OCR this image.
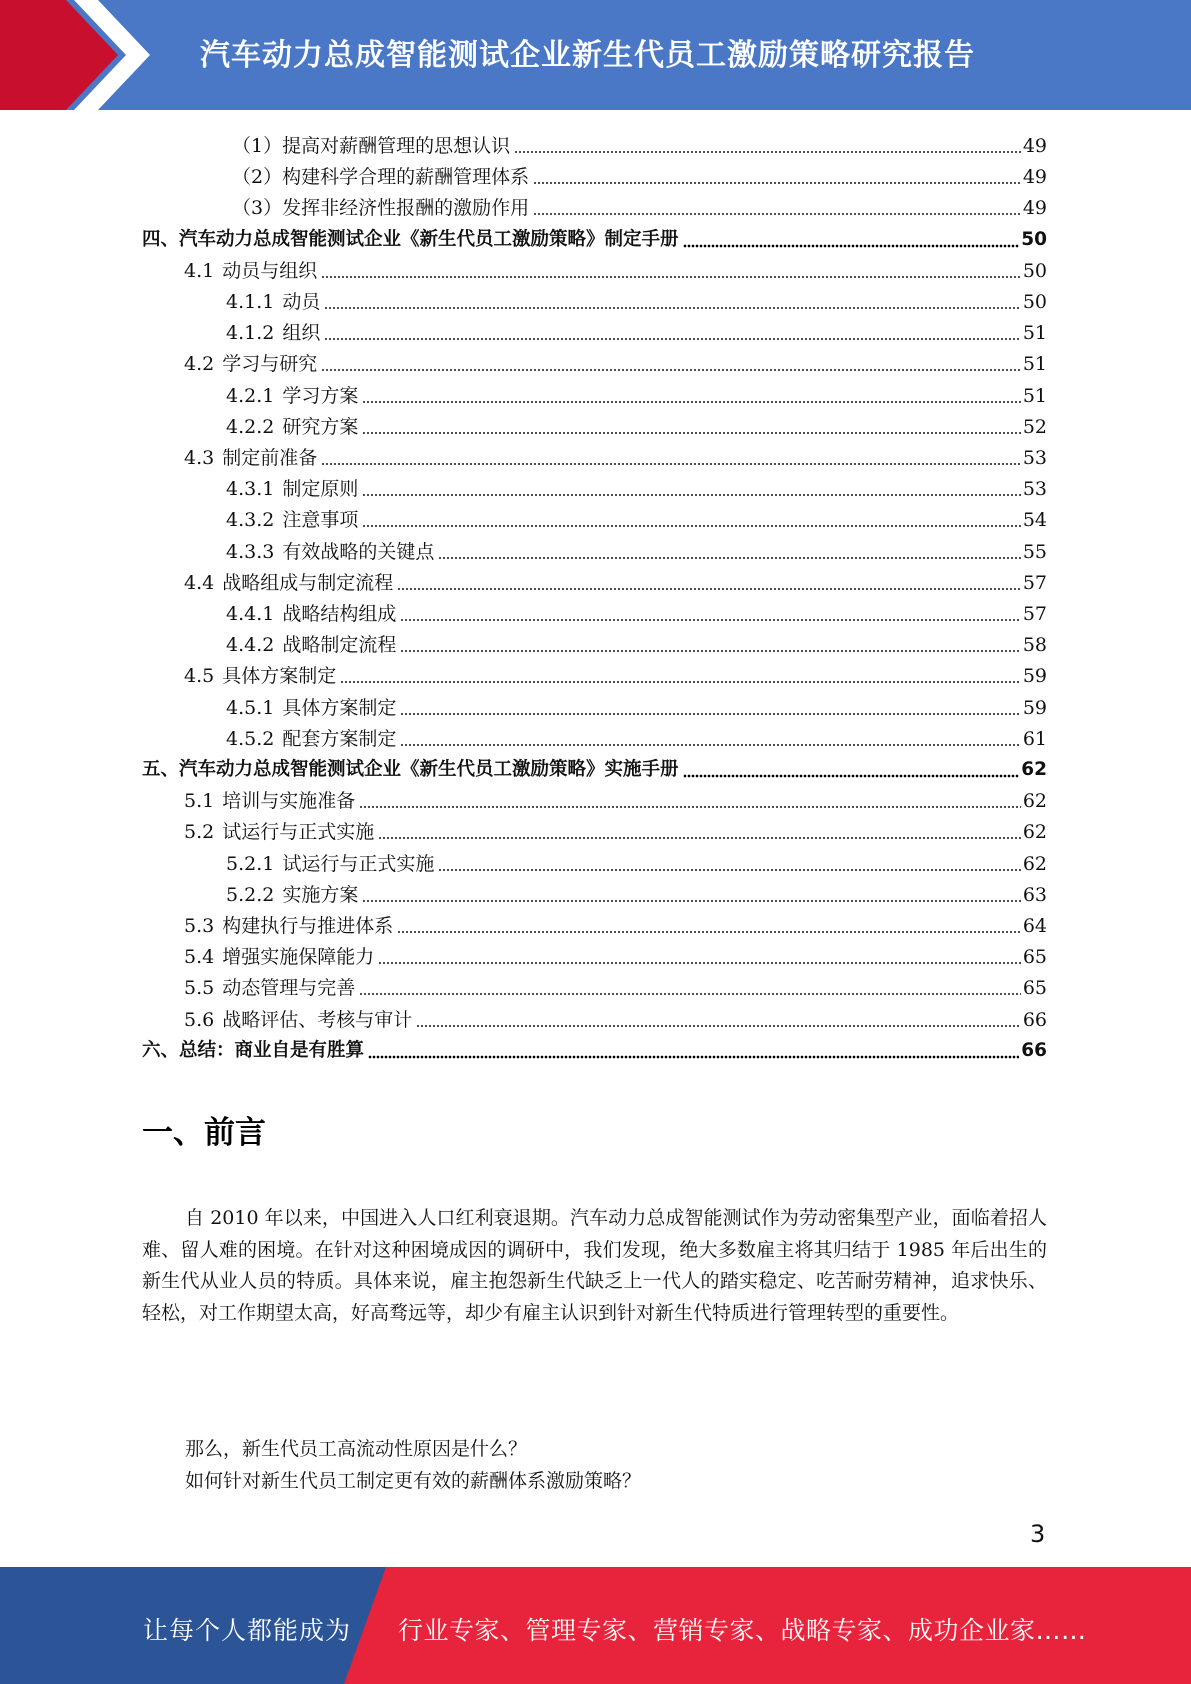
汽车动力总成智能测试企业新生代员工激励策略研究报告
（1） 提高对薪酬管理的思想认识	49
（2） 构建科学合理的薪酬管理体系	49
（3） 发挥非经济性报酬的激励作用	49
四、汽车动力总成智能测试企业《新生代员工激励策略》制定手册	50
4.1 动员与组织	50
4.1.1 动员	50
4.1.2 组织	51
4.2 学习与研究	51
4.2.1 学习方案	51
4.2.2 研究方案	52
4.3 制定前准备	53
4.3.1 制定原则	53
4.3.2 注意事项	54
4.3.3 有效战略的关键点	55
4.4 战略组成与制定流程	57
4.4.1 战略结构组成	57
4.4.2 战略制定流程	58
4.5 具体方案制定	59
4.5.1 具体方案制定	59
4.5.2 配套方案制定	61
五、汽车动力总成智能测试企业《新生代员工激励策略》实施手册	62
5.1 培训与实施准备	62
5.2 试运行与正式实施	62
5.2.1 试运行与正式实施	62
5.2.2 实施方案	63
5.3 构建执行与推进体系	64
5.4 增强实施保障能力	65
5.5 动态管理与完善	65
5.6 战略评估、考核与审计	66
六、总结：商业自是有胜算	66
一、前言
自 2010 年以来，中国进入人口红利衰退期。汽车动力总成智能测试作为劳动密集型产业，面临着招人难、留人难的困境。在针对这种困境成因的调研中，我们发现，绝大多数雇主将其归结于 1985 年后出生的新生代从业人员的特质。具体来说，雇主抱怨新生代缺乏上一代人的踏实稳定、吃苦耐劳精神，追求快乐、轻松，对工作期望太高，好高骛远等，却少有雇主认识到针对新生代特质进行管理转型的重要性。
那么，新生代员工高流动性原因是什么？
如何针对新生代员工制定更有效的薪酬体系激励策略？
3
让每个人都能成为 行业专家、管理专家、营销专家、战略专家、成功企业家……
